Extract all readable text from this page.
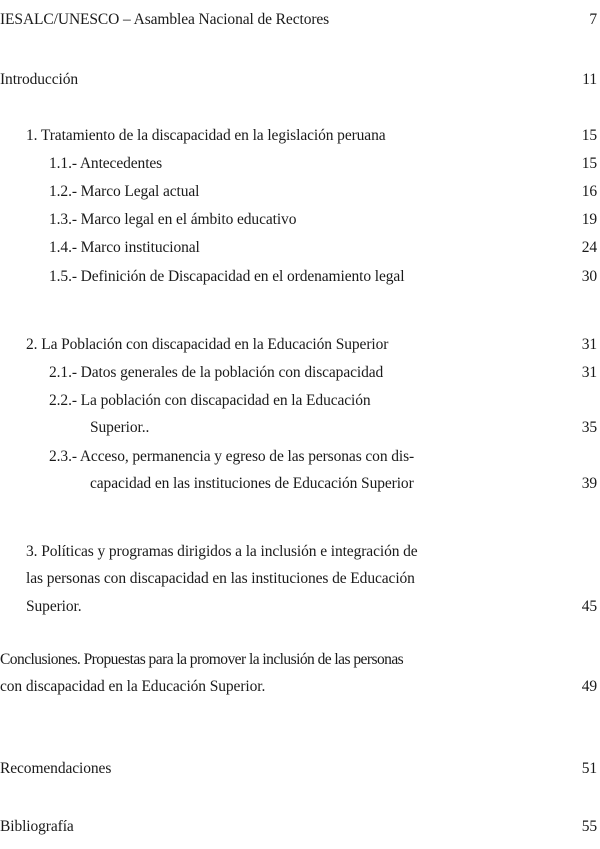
IESALC/UNESCO – Asamblea Nacional de Rectores	7
Introducción	11
1. Tratamiento de la discapacidad en la legislación peruana	15
1.1.- Antecedentes	15
1.2.- Marco Legal actual	16
1.3.- Marco legal en el ámbito educativo	19
1.4.- Marco institucional	24
1.5.- Definición de Discapacidad en el ordenamiento legal	30
2. La Población con discapacidad en la Educación Superior	31
2.1.- Datos generales de la población con discapacidad	31
2.2.- La población con discapacidad en la Educación
Superior..	35
2.3.- Acceso, permanencia y egreso de las personas con dis-
capacidad en las instituciones de Educación Superior	39
3. Políticas y programas dirigidos a la inclusión e integración de
las personas con discapacidad en las instituciones de Educación
Superior.	45
Conclusiones. Propuestas para la promover la inclusión de las personas
con discapacidad en la Educación Superior.	49
Recomendaciones	51
Bibliografía	55
